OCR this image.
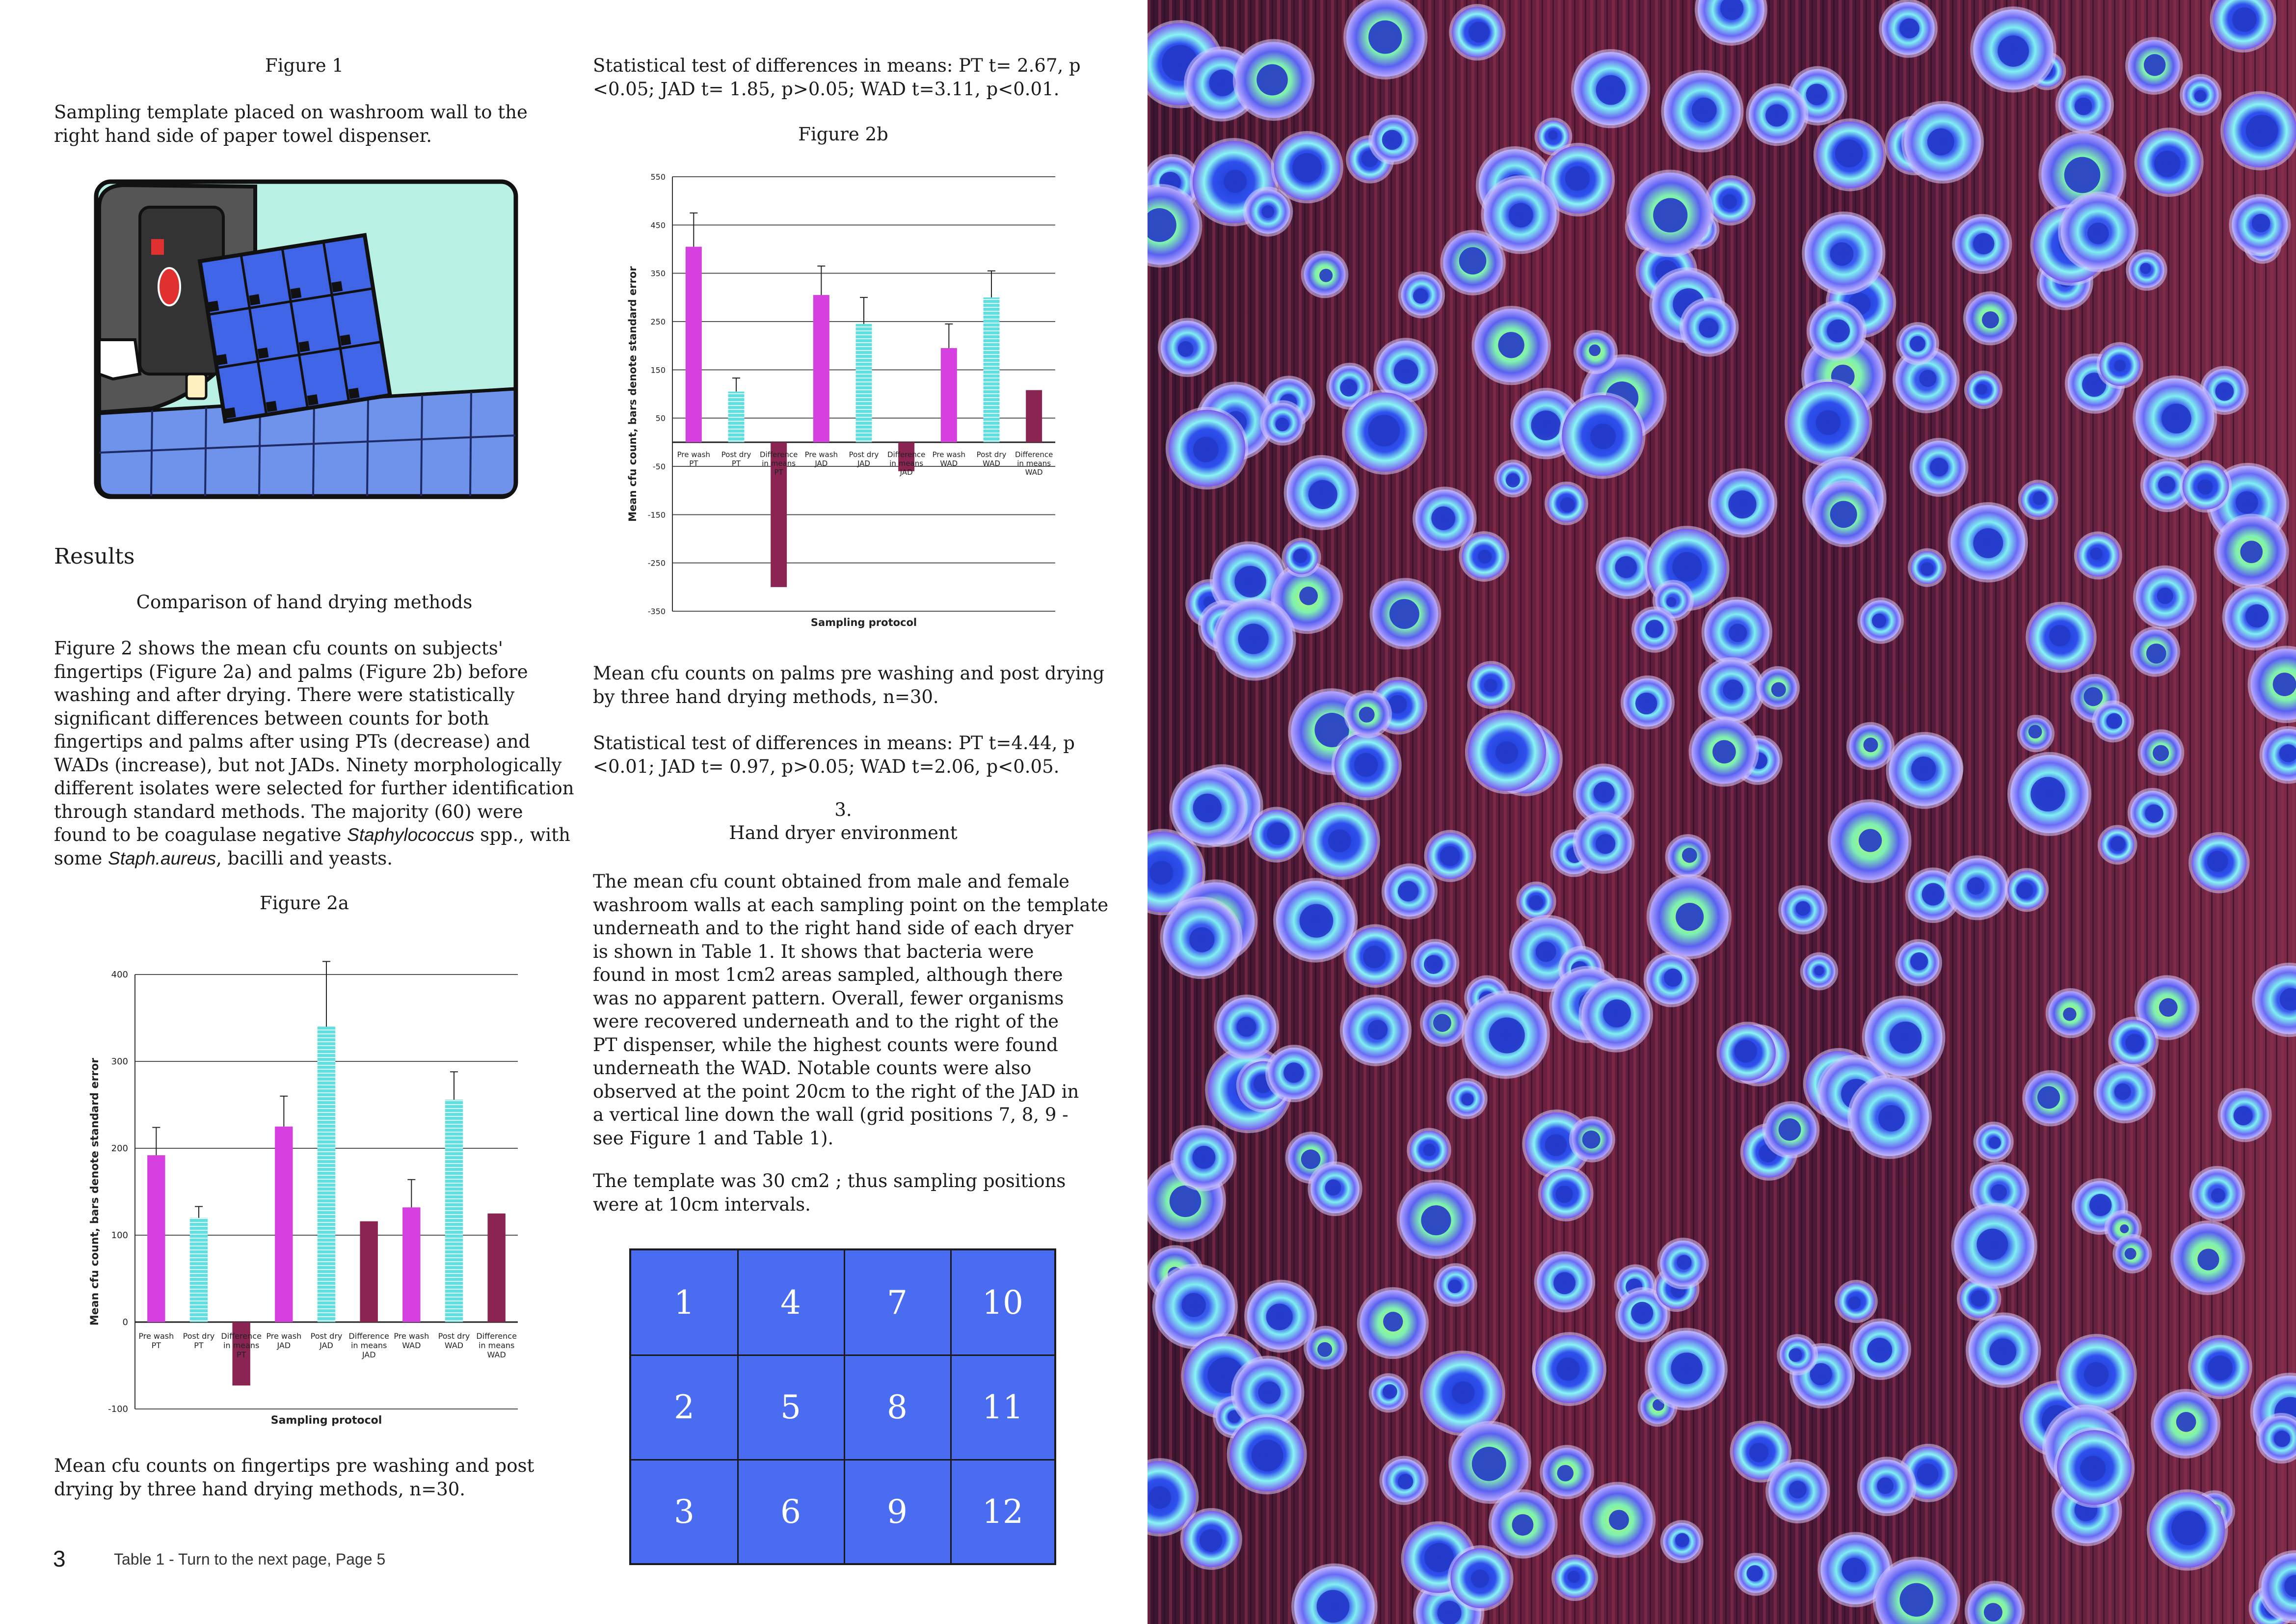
Figure 1

Sampling template placed on washroom wall to the
right hand side of paper towel dispenser.

Results
Comparison of hand drying methods

Figure 2 shows the mean cfu counts on subjects'
fingertips (Figure 2a) and palms (Figure 2b) before
washing and after drying. There were statistically
significant differences between counts for both
fingertips and palms after using PTs (decrease) and
WADs (increase), but not JADs. Ninety morphologically
different isolates were selected for further identification
through standard methods. The majority (60) were
found to be coagulase negative Staphylococcus spp., with
some Staph.aureus, bacilli and yeasts.

Figure 2a
-100
0
100
200
300
400
Pre wash PT
Post dry PT
Difference in means PT
Pre wash JAD
Post dry JAD
Difference in means JAD
Pre wash WAD
Post dry WAD
Difference in means WAD
Mean cfu count, bars denote standard error
Sampling protocol

Mean cfu counts on fingertips pre washing and post
drying by three hand drying methods, n=30.

3	Table 1 - Turn to the next page, Page 5

Statistical test of differences in means: PT t= 2.67, p
<0.05; JAD t= 1.85, p>0.05; WAD t=3.11, p<0.01.

Figure 2b
-350
-250
-150
-50
50
150
250
350
450
550
Pre wash PT
Post dry PT
Difference in means PT
Pre wash JAD
Post dry JAD
Difference in means JAD
Pre wash WAD
Post dry WAD
Difference in means WAD
Mean cfu count, bars denote standard error
Sampling protocol

Mean cfu counts on palms pre washing and post drying
by three hand drying methods, n=30.

Statistical test of differences in means: PT t=4.44, p
<0.01; JAD t= 0.97, p>0.05; WAD t=2.06, p<0.05.

3.
Hand dryer environment

The mean cfu count obtained from male and female
washroom walls at each sampling point on the template
underneath and to the right hand side of each dryer
is shown in Table 1. It shows that bacteria were
found in most 1cm2 areas sampled, although there
was no apparent pattern. Overall, fewer organisms
were recovered underneath and to the right of the
PT dispenser, while the highest counts were found
underneath the WAD. Notable counts were also
observed at the point 20cm to the right of the JAD in
a vertical line down the wall (grid positions 7, 8, 9 -
see Figure 1 and Table 1).

The template was 30 cm2 ; thus sampling positions
were at 10cm intervals.

1	4	7	10
2	5	8	11
3	6	9	12
